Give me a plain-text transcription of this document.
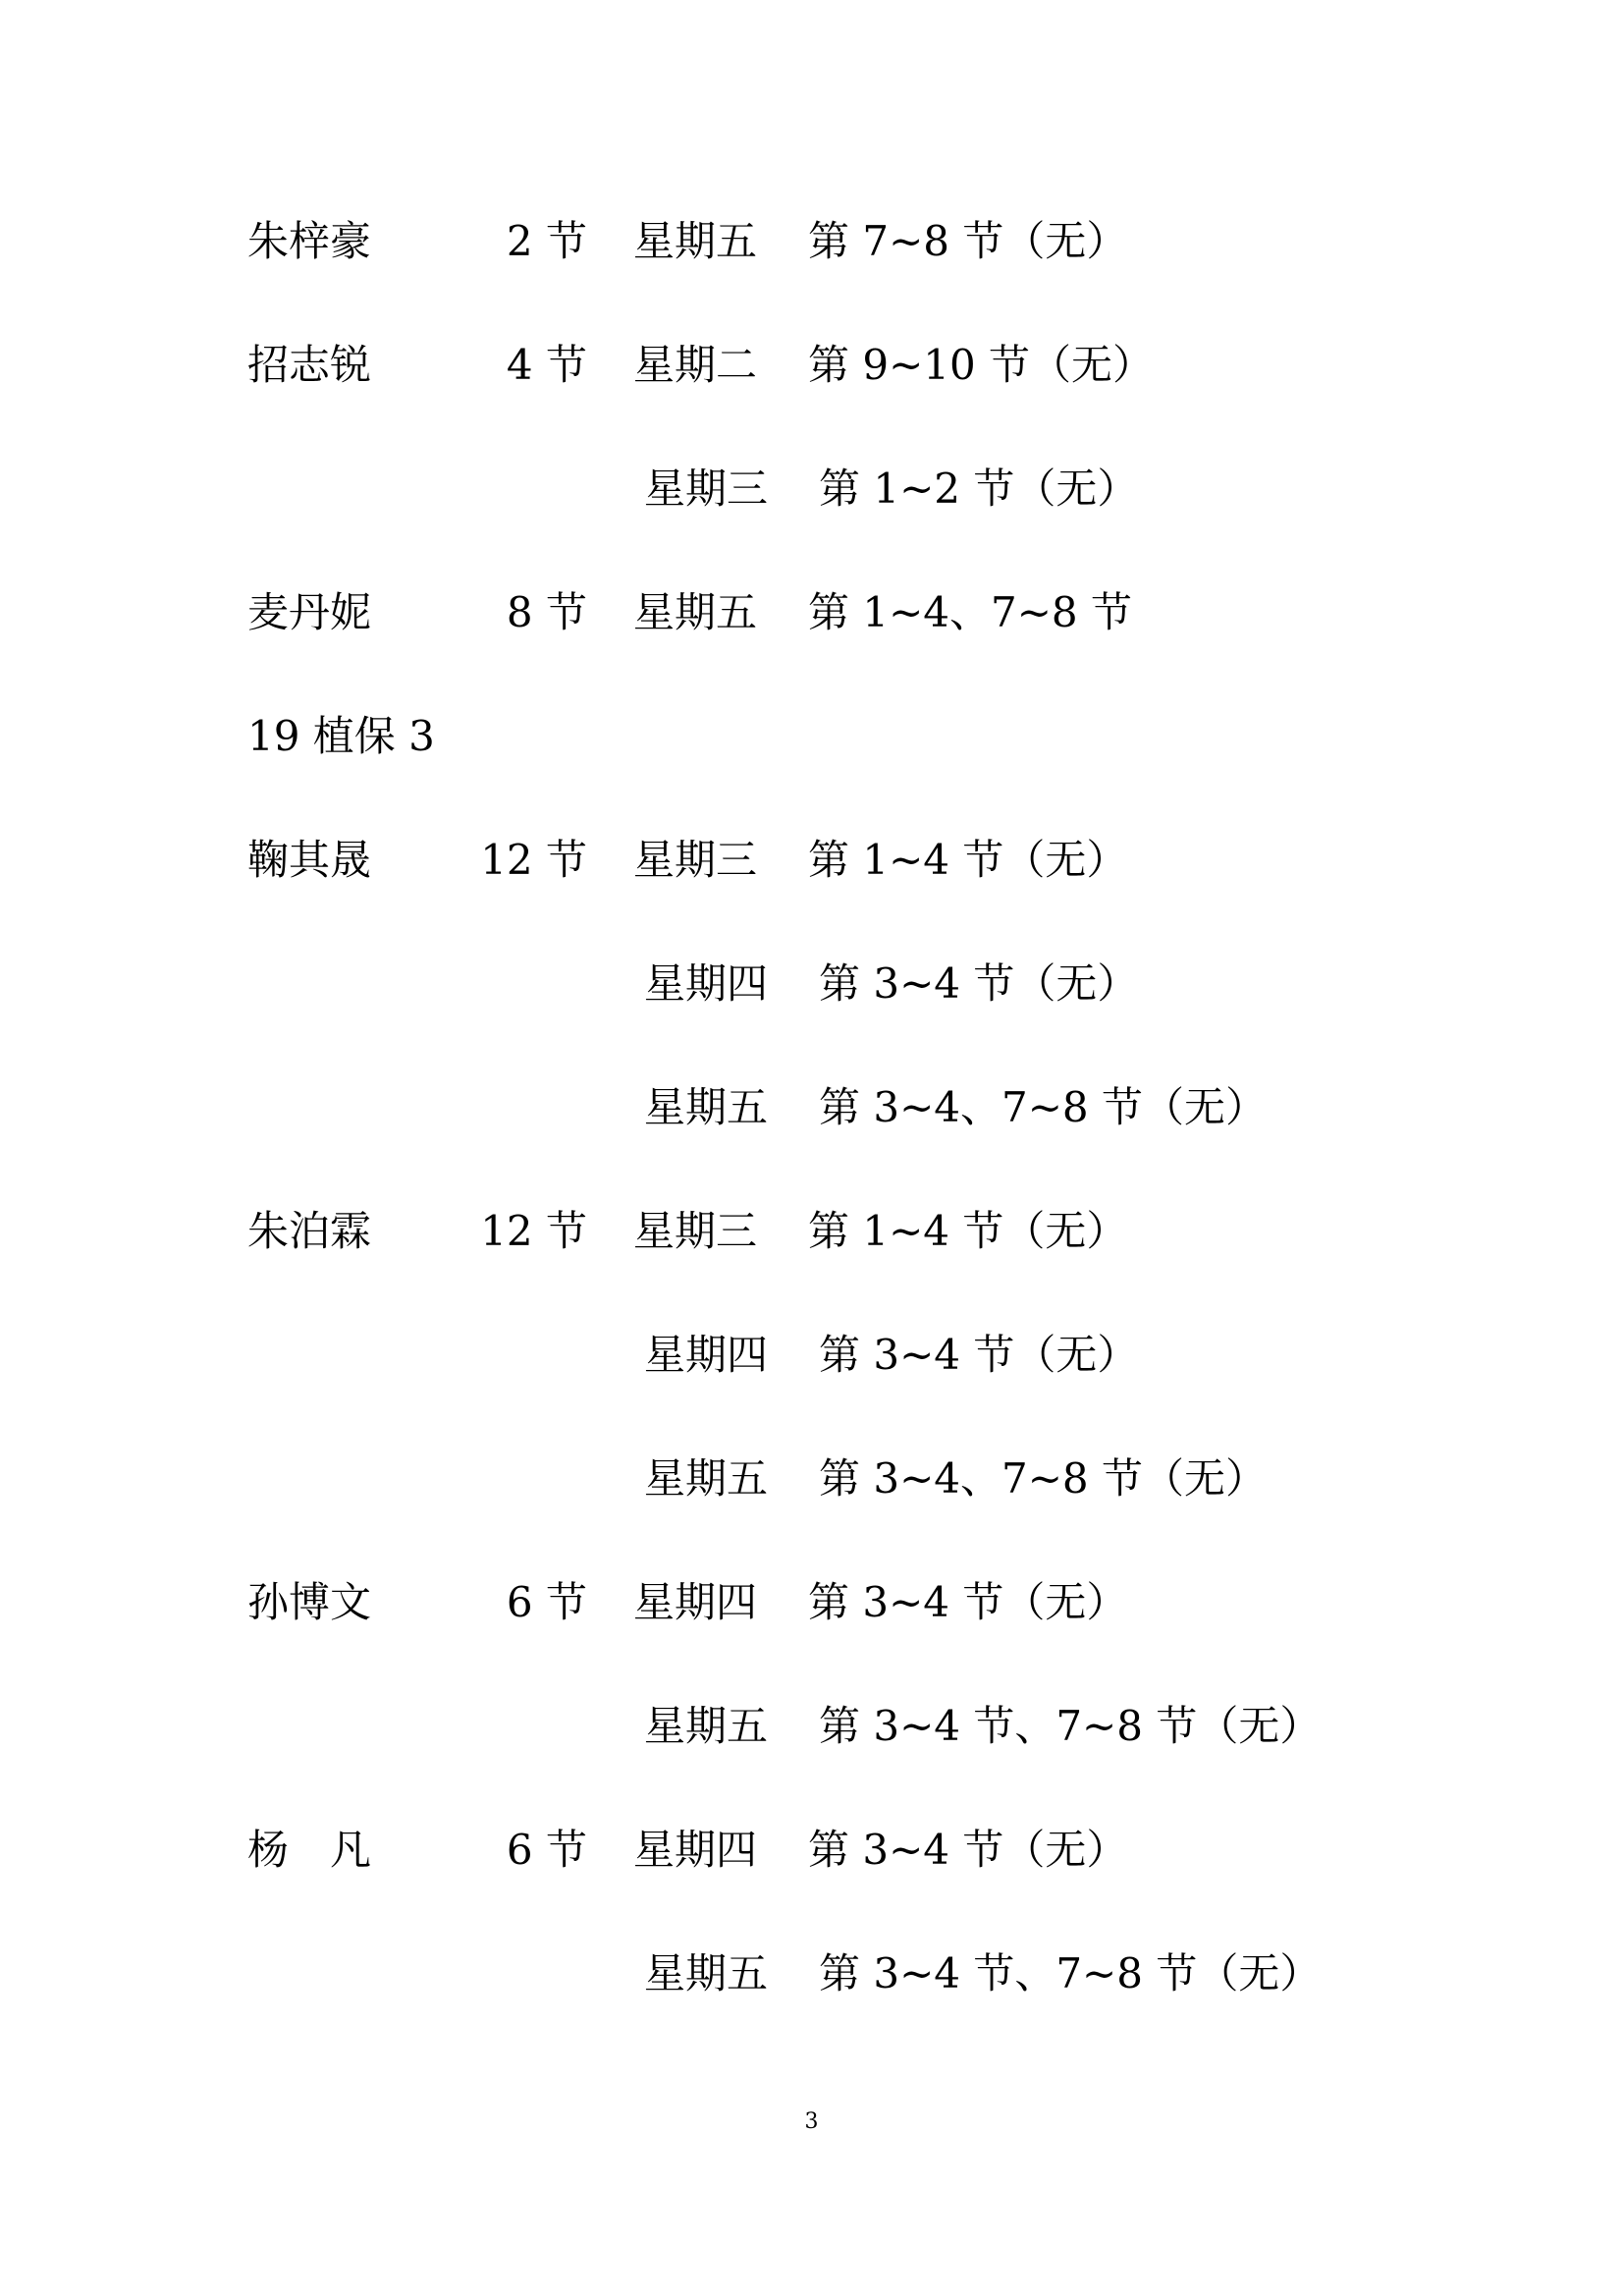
朱梓豪	2 节 星期五 第 7~8 节（无）
招志锐	4 节 星期二 第 9~10 节（无）
星期三 第 1~2 节（无）
麦丹妮	8 节 星期五 第 1~4、7~8 节
19 植保 3
鞠其晟	12 节 星期三 第 1~4 节（无）
星期四 第 3~4 节（无）
星期五 第 3~4、7~8 节（无）
朱泊霖	12 节 星期三 第 1~4 节（无）
星期四 第 3~4 节（无）
星期五 第 3~4、7~8 节（无）
孙博文	6 节 星期四 第 3~4 节（无）
星期五 第 3~4 节、7~8 节（无）
杨　凡	6 节 星期四 第 3~4 节（无）
星期五 第 3~4 节、7~8 节（无）
3
